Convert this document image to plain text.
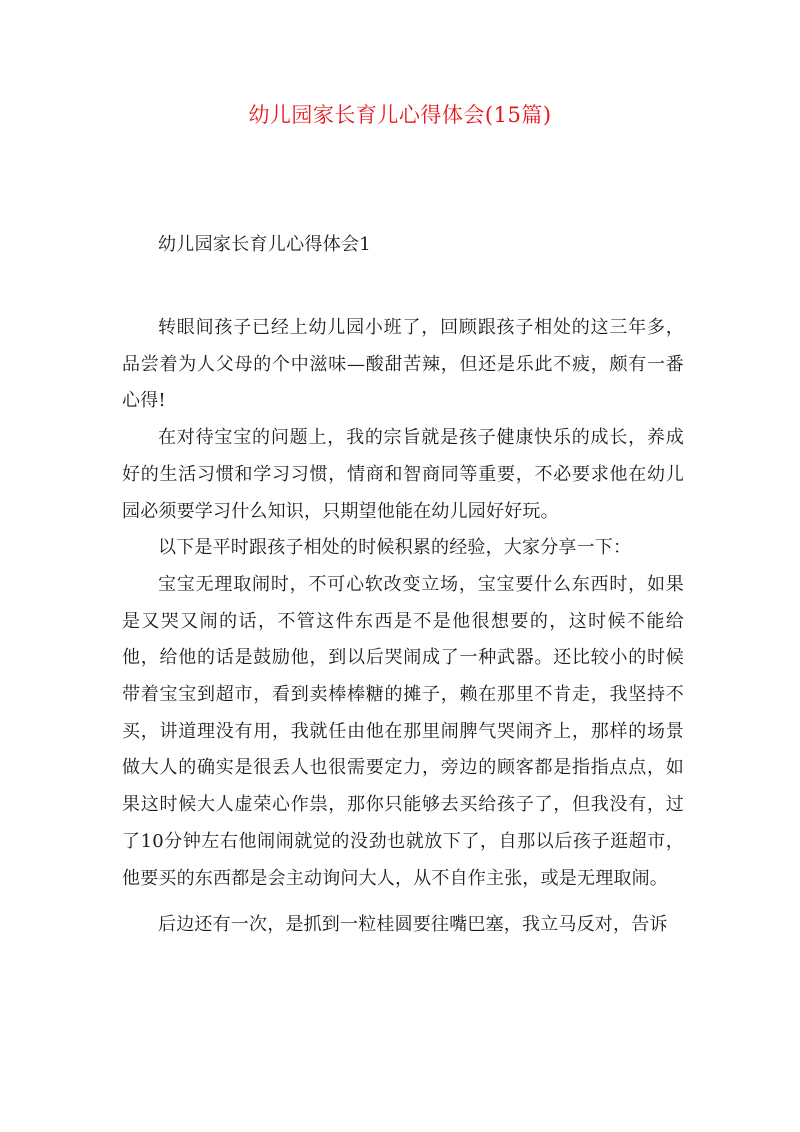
幼儿园家长育儿心得体会(15篇)
幼儿园家长育儿心得体会1

转眼间孩子已经上幼儿园小班了，回顾跟孩子相处的这三年多，品尝着为人父母的个中滋味—酸甜苦辣，但还是乐此不疲，颇有一番心得!

在对待宝宝的问题上，我的宗旨就是孩子健康快乐的成长，养成好的生活习惯和学习习惯，情商和智商同等重要，不必要求他在幼儿园必须要学习什么知识，只期望他能在幼儿园好好玩。

以下是平时跟孩子相处的时候积累的经验，大家分享一下：

宝宝无理取闹时，不可心软改变立场，宝宝要什么东西时，如果是又哭又闹的话，不管这件东西是不是他很想要的，这时候不能给他，给他的话是鼓励他，到以后哭闹成了一种武器。还比较小的时候带着宝宝到超市，看到卖棒棒糖的摊子，赖在那里不肯走，我坚持不买，讲道理没有用，我就任由他在那里闹脾气哭闹齐上，那样的场景做大人的确实是很丢人也很需要定力，旁边的顾客都是指指点点，如果这时候大人虚荣心作祟，那你只能够去买给孩子了，但我没有，过了10分钟左右他闹闹就觉的没劲也就放下了，自那以后孩子逛超市，他要买的东西都是会主动询问大人，从不自作主张，或是无理取闹。

后边还有一次，是抓到一粒桂圆要往嘴巴塞，我立马反对，告诉
